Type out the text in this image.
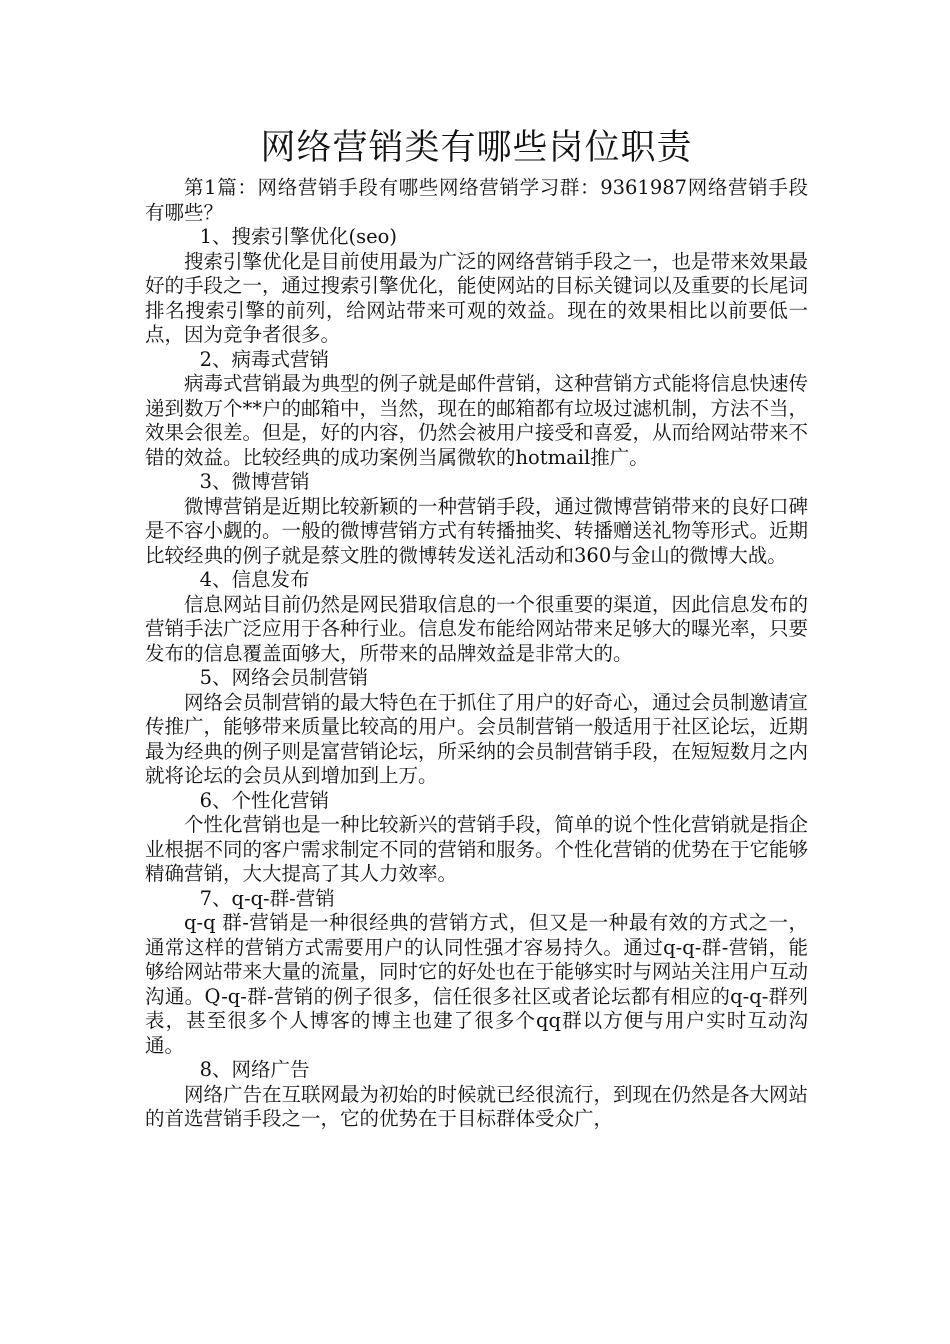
网络营销类有哪些岗位职责

第1篇：网络营销手段有哪些网络营销学习群：9361987网络营销手段有哪些？

1、搜索引擎优化(seo)

搜索引擎优化是目前使用最为广泛的网络营销手段之一，也是带来效果最好的手段之一，通过搜索引擎优化，能使网站的目标关键词以及重要的长尾词排名搜索引擎的前列，给网站带来可观的效益。现在的效果相比以前要低一点，因为竞争者很多。

2、病毒式营销

病毒式营销最为典型的例子就是邮件营销，这种营销方式能将信息快速传递到数万个**户的邮箱中，当然，现在的邮箱都有垃圾过滤机制，方法不当，效果会很差。但是，好的内容，仍然会被用户接受和喜爱，从而给网站带来不错的效益。比较经典的成功案例当属微软的hotmail推广。

3、微博营销

微博营销是近期比较新颖的一种营销手段，通过微博营销带来的良好口碑是不容小觑的。一般的微博营销方式有转播抽奖、转播赠送礼物等形式。近期比较经典的例子就是蔡文胜的微博转发送礼活动和360与金山的微博大战。

4、信息发布

信息网站目前仍然是网民猎取信息的一个很重要的渠道，因此信息发布的营销手法广泛应用于各种行业。信息发布能给网站带来足够大的曝光率，只要发布的信息覆盖面够大，所带来的品牌效益是非常大的。

5、网络会员制营销

网络会员制营销的最大特色在于抓住了用户的好奇心，通过会员制邀请宣传推广，能够带来质量比较高的用户。会员制营销一般适用于社区论坛，近期最为经典的例子则是富营销论坛，所采纳的会员制营销手段，在短短数月之内就将论坛的会员从到增加到上万。

6、个性化营销

个性化营销也是一种比较新兴的营销手段，简单的说个性化营销就是指企业根据不同的客户需求制定不同的营销和服务。个性化营销的优势在于它能够精确营销，大大提高了其人力效率。

7、q-q-群-营销

q-q 群-营销是一种很经典的营销方式，但又是一种最有效的方式之一，通常这样的营销方式需要用户的认同性强才容易持久。通过q-q-群-营销，能够给网站带来大量的流量，同时它的好处也在于能够实时与网站关注用户互动沟通。Q-q-群-营销的例子很多，信任很多社区或者论坛都有相应的q-q-群列表，甚至很多个人博客的博主也建了很多个qq群以方便与用户实时互动沟通。

8、网络广告

网络广告在互联网最为初始的时候就已经很流行，到现在仍然是各大网站的首选营销手段之一，它的优势在于目标群体受众广，
